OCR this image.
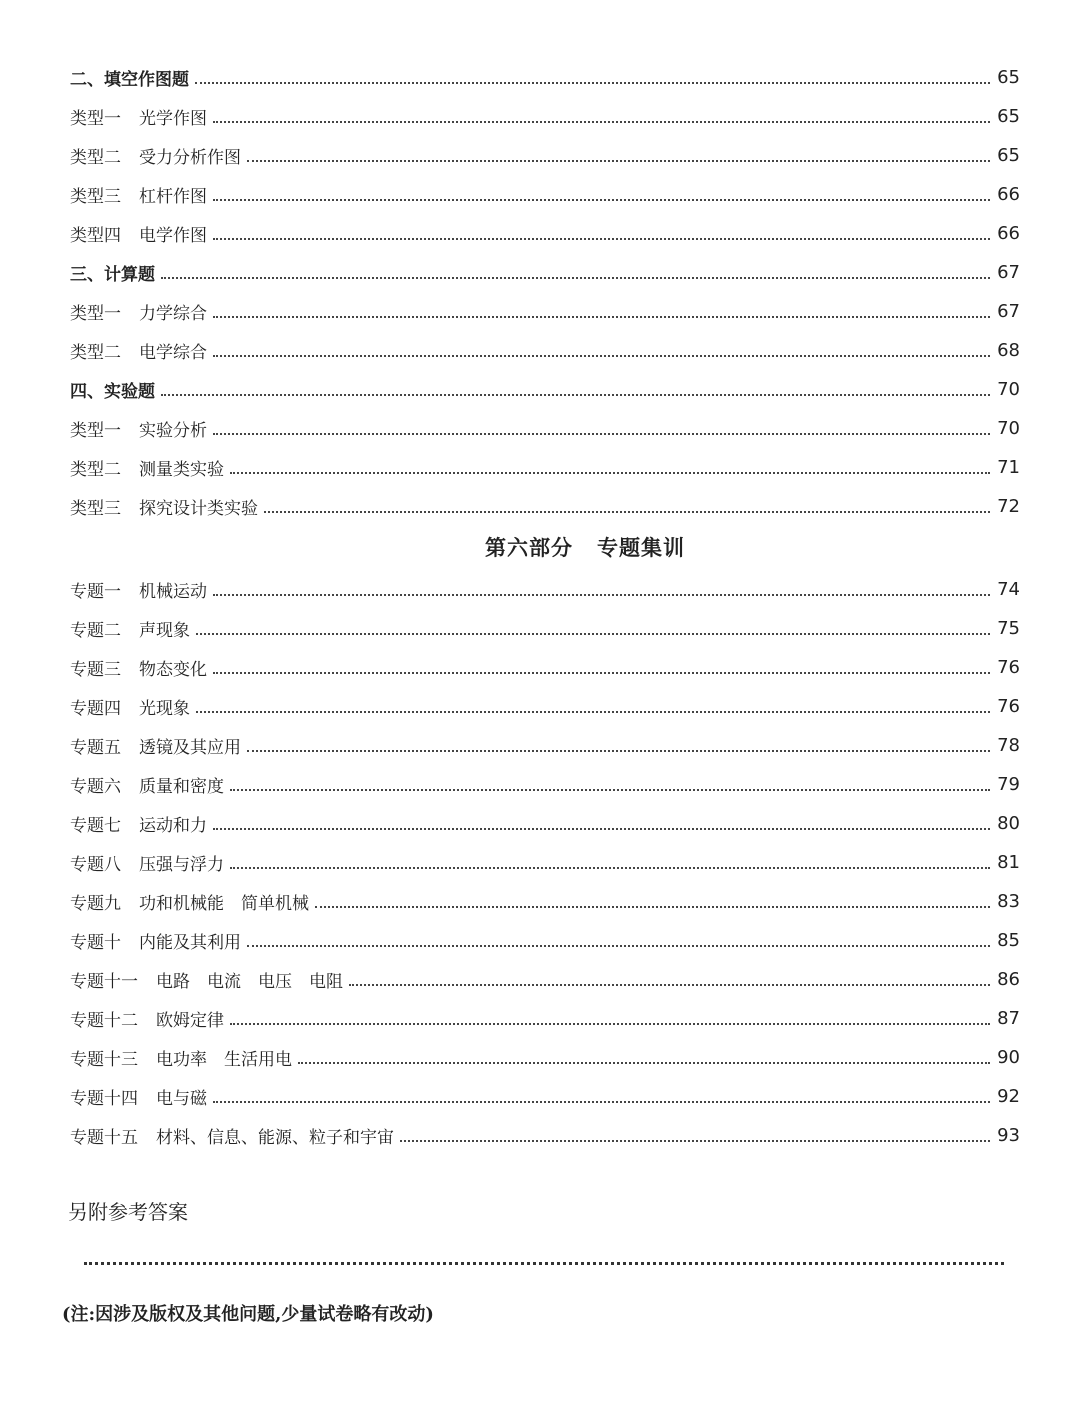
二、填空作图题	65
类型一 光学作图	65
类型二 受力分析作图	65
类型三 杠杆作图	66
类型四 电学作图	66
三、计算题	67
类型一 力学综合	67
类型二 电学综合	68
四、实验题	70
类型一 实验分析	70
类型二 测量类实验	71
类型三 探究设计类实验	72
第六部分 专题集训
专题一 机械运动	74
专题二 声现象	75
专题三 物态变化	76
专题四 光现象	76
专题五 透镜及其应用	78
专题六 质量和密度	79
专题七 运动和力	80
专题八 压强与浮力	81
专题九 功和机械能　简单机械	83
专题十 内能及其利用	85
专题十一 电路　电流　电压　电阻	86
专题十二 欧姆定律	87
专题十三 电功率　生活用电	90
专题十四 电与磁	92
专题十五 材料、信息、能源、粒子和宇宙	93
另附参考答案
(注:因涉及版权及其他问题,少量试卷略有改动)
